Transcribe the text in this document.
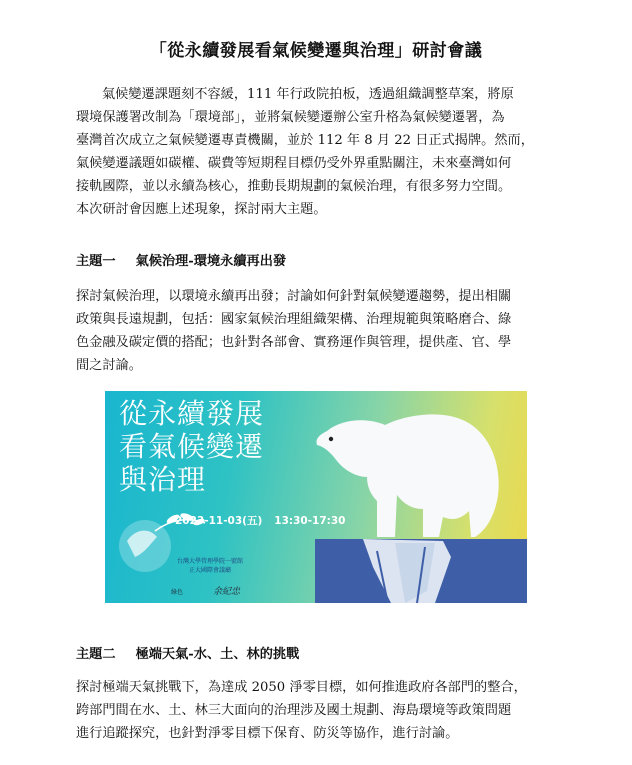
「從永續發展看氣候變遷與治理」研討會議
氣候變遷課題刻不容緩，111 年行政院拍板，透過組織調整草案，將原
環境保護署改制為「環境部」，並將氣候變遷辦公室升格為氣候變遷署，為
臺灣首次成立之氣候變遷專責機關，並於 112 年 8 月 22 日正式揭牌。然而，
氣候變遷議題如碳權、碳費等短期程目標仍受外界重點關注，未來臺灣如何
接軌國際，並以永續為核心，推動長期規劃的氣候治理，有很多努力空間。
本次研討會因應上述現象，探討兩大主題。
主題一 氣候治理-環境永續再出發
探討氣候治理，以環境永續再出發；討論如何針對氣候變遷趨勢，提出相關
政策與長遠規劃，包括：國家氣候治理組織架構、治理規範與策略磨合、綠
色金融及碳定價的搭配；也針對各部會、實務運作與管理，提供產、官、學
間之討論。
從永續發展
看氣候變遷
與治理
2023-11-03(五) 13:30-17:30
台灣大學管理學院一號館
正大國際會議廳
綠色	余紀忠
主題二 極端天氣-水、土、林的挑戰
探討極端天氣挑戰下，為達成 2050 淨零目標，如何推進政府各部門的整合，
跨部門間在水、土、林三大面向的治理涉及國土規劃、海島環境等政策問題
進行追蹤探究，也針對淨零目標下保育、防災等協作，進行討論。
